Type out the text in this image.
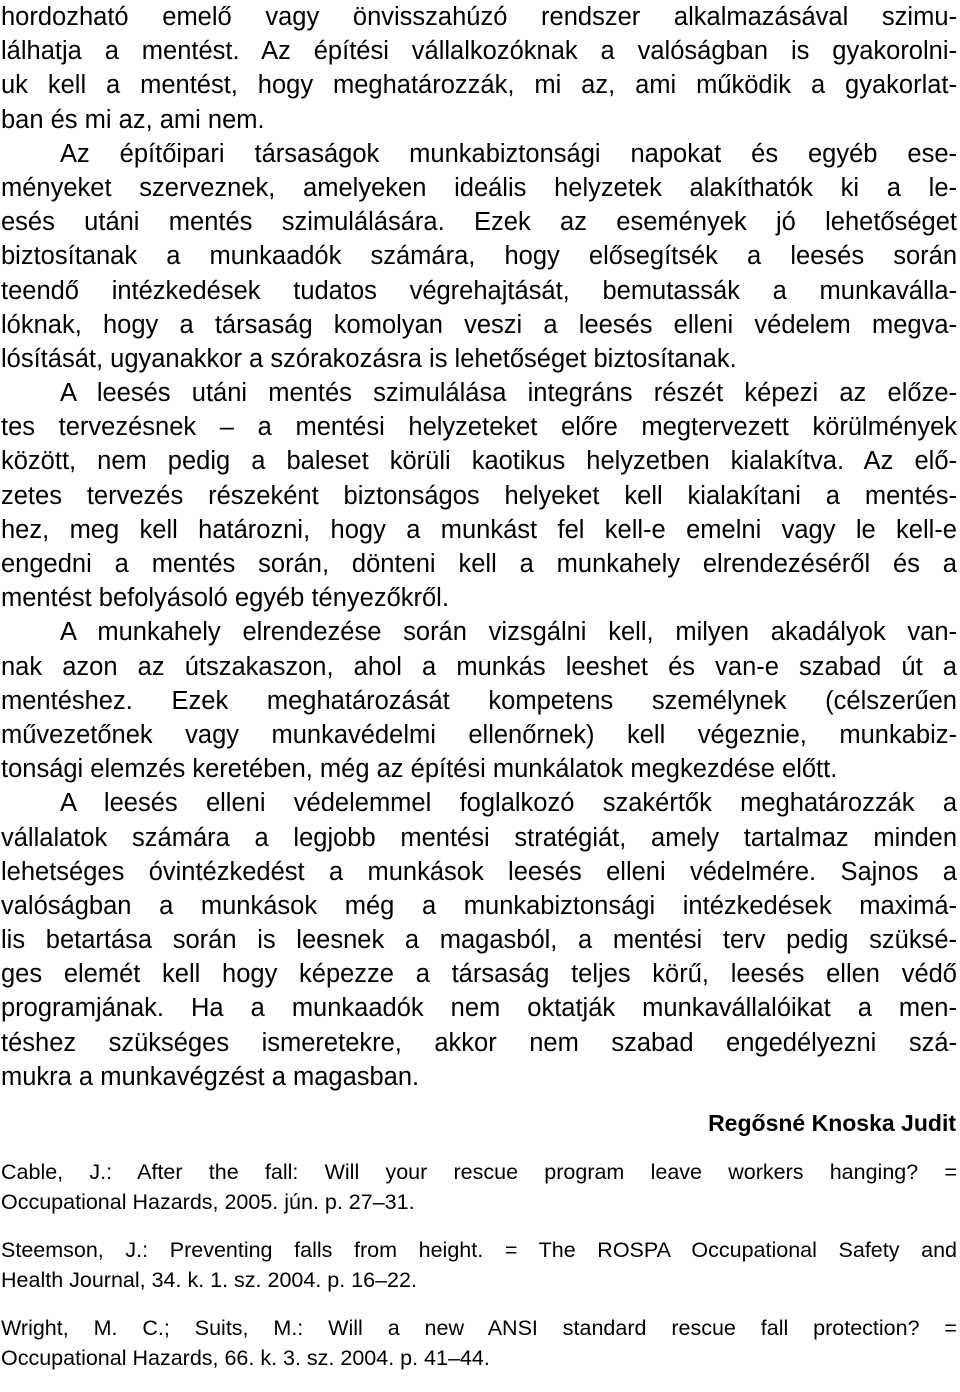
hordozható emelő vagy önvisszahúzó rendszer alkalmazásával szimu-
lálhatja a mentést. Az építési vállalkozóknak a valóságban is gyakorolni-
uk kell a mentést, hogy meghatározzák, mi az, ami működik a gyakorlat-
ban és mi az, ami nem.
Az építőipari társaságok munkabiztonsági napokat és egyéb ese-
ményeket szerveznek, amelyeken ideális helyzetek alakíthatók ki a le-
esés utáni mentés szimulálására. Ezek az események jó lehetőséget
biztosítanak a munkaadók számára, hogy elősegítsék a leesés során
teendő intézkedések tudatos végrehajtását, bemutassák a munkaválla-
lóknak, hogy a társaság komolyan veszi a leesés elleni védelem megva-
lósítását, ugyanakkor a szórakozásra is lehetőséget biztosítanak.
A leesés utáni mentés szimulálása integráns részét képezi az előze-
tes tervezésnek – a mentési helyzeteket előre megtervezett körülmények
között, nem pedig a baleset körüli kaotikus helyzetben kialakítva. Az elő-
zetes tervezés részeként biztonságos helyeket kell kialakítani a mentés-
hez, meg kell határozni, hogy a munkást fel kell-e emelni vagy le kell-e
engedni a mentés során, dönteni kell a munkahely elrendezéséről és a
mentést befolyásoló egyéb tényezőkről.
A munkahely elrendezése során vizsgálni kell, milyen akadályok van-
nak azon az útszakaszon, ahol a munkás leeshet és van-e szabad út a
mentéshez. Ezek meghatározását kompetens személynek (célszerűen
művezetőnek vagy munkavédelmi ellenőrnek) kell végeznie, munkabiz-
tonsági elemzés keretében, még az építési munkálatok megkezdése előtt.
A leesés elleni védelemmel foglalkozó szakértők meghatározzák a
vállalatok számára a legjobb mentési stratégiát, amely tartalmaz minden
lehetséges óvintézkedést a munkások leesés elleni védelmére. Sajnos a
valóságban a munkások még a munkabiztonsági intézkedések maximá-
lis betartása során is leesnek a magasból, a mentési terv pedig szüksé-
ges elemét kell hogy képezze a társaság teljes körű, leesés ellen védő
programjának. Ha a munkaadók nem oktatják munkavállalóikat a men-
téshez szükséges ismeretekre, akkor nem szabad engedélyezni szá-
mukra a munkavégzést a magasban.
Regősné Knoska Judit
Cable, J.: After the fall: Will your rescue program leave workers hanging? =
Occupational Hazards, 2005. jún. p. 27–31.
Steemson, J.: Preventing falls from height. = The ROSPA Occupational Safety and
Health Journal, 34. k. 1. sz. 2004. p. 16–22.
Wright, M. C.; Suits, M.: Will a new ANSI standard rescue fall protection? =
Occupational Hazards, 66. k. 3. sz. 2004. p. 41–44.
